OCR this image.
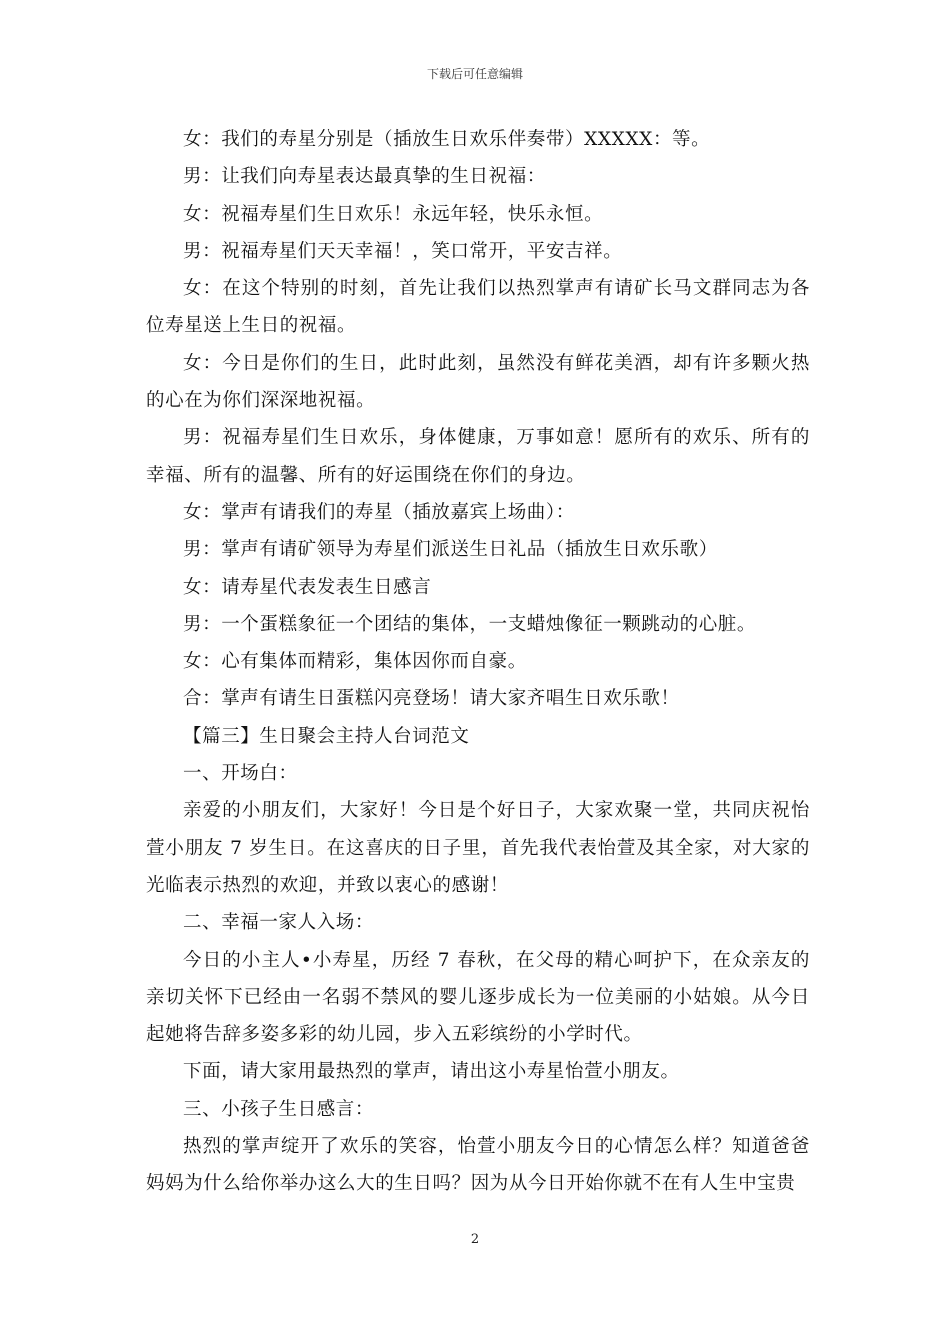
下载后可任意编辑

女：我们的寿星分别是（插放生日欢乐伴奏带）XXXXX：等。

男：让我们向寿星表达最真挚的生日祝福：

女：祝福寿星们生日欢乐！永远年轻，快乐永恒。

男：祝福寿星们天天幸福！，笑口常开，平安吉祥。

女：在这个特别的时刻，首先让我们以热烈掌声有请矿长马文群同志为各位寿星送上生日的祝福。

女：今日是你们的生日，此时此刻，虽然没有鲜花美酒，却有许多颗火热的心在为你们深深地祝福。

男：祝福寿星们生日欢乐，身体健康，万事如意！愿所有的欢乐、所有的幸福、所有的温馨、所有的好运围绕在你们的身边。

女：掌声有请我们的寿星（插放嘉宾上场曲）：

男：掌声有请矿领导为寿星们派送生日礼品（插放生日欢乐歌）

女：请寿星代表发表生日感言

男：一个蛋糕象征一个团结的集体，一支蜡烛像征一颗跳动的心脏。

女：心有集体而精彩，集体因你而自豪。

合：掌声有请生日蛋糕闪亮登场！请大家齐唱生日欢乐歌！

【篇三】生日聚会主持人台词范文

一、开场白：

亲爱的小朋友们，大家好！今日是个好日子，大家欢聚一堂，共同庆祝怡萱小朋友 7 岁生日。在这喜庆的日子里，首先我代表怡萱及其全家，对大家的光临表示热烈的欢迎，并致以衷心的感谢！

二、幸福一家人入场：

今日的小主人•小寿星，历经 7 春秋，在父母的精心呵护下，在众亲友的亲切关怀下已经由一名弱不禁风的婴儿逐步成长为一位美丽的小姑娘。从今日起她将告辞多姿多彩的幼儿园，步入五彩缤纷的小学时代。

下面，请大家用最热烈的掌声，请出这小寿星怡萱小朋友。

三、小孩子生日感言：

热烈的掌声绽开了欢乐的笑容，怡萱小朋友今日的心情怎么样？知道爸爸妈妈为什么给你举办这么大的生日吗？因为从今日开始你就不在有人生中宝贵

2
